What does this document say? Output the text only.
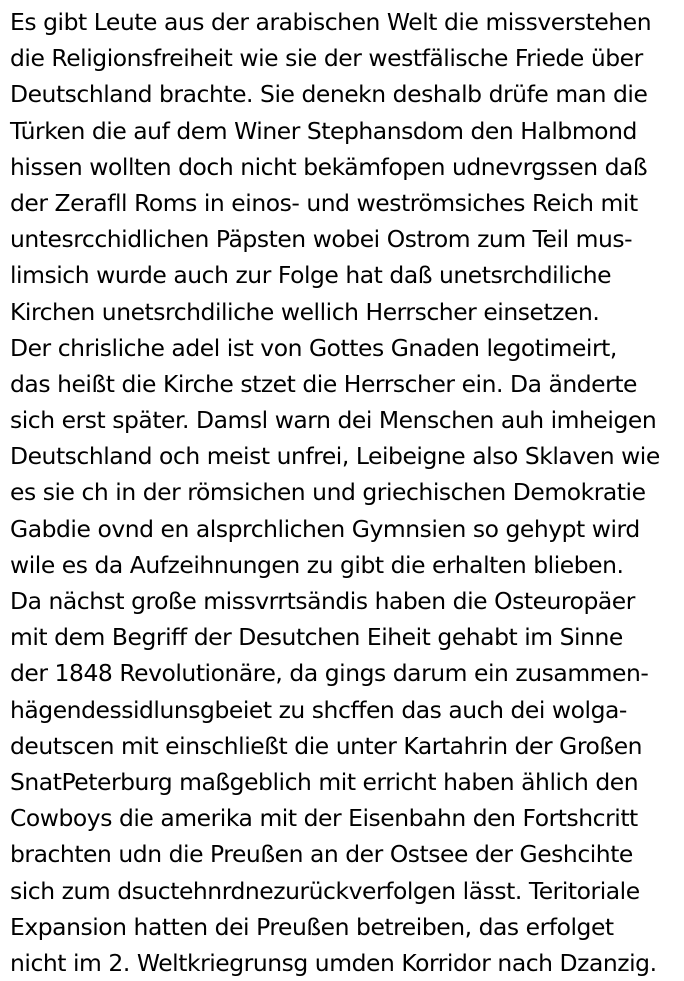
Es gibt Leute aus der arabischen Welt die missverstehen
die Religionsfreiheit wie sie der westfälische Friede über
Deutschland brachte. Sie denekn deshalb drüfe man die
Türken die auf dem Winer Stephansdom den Halbmond
hissen wollten doch nicht bekämfopen udnevrgssen daß
der Zerafll Roms in einos- und weströmsiches Reich mit
untesrcchidlichen Päpsten wobei Ostrom zum Teil mus-
limsich wurde auch zur Folge hat daß unetsrchdiliche
Kirchen unetsrchdiliche wellich Herrscher einsetzen.
Der chrisliche adel ist von Gottes Gnaden legotimeirt,
das heißt die Kirche stzet die Herrscher ein. Da änderte
sich erst später. Damsl warn dei Menschen auh imheigen
Deutschland och meist unfrei, Leibeigne also Sklaven wie
es sie ch in der römsichen und griechischen Demokratie
Gabdie ovnd en alsprchlichen Gymnsien so gehypt wird
wile es da Aufzeihnungen zu gibt die erhalten blieben.
Da nächst große missvrrtsändis haben die Osteuropäer
mit dem Begriff der Desutchen Eiheit gehabt im Sinne
der 1848 Revolutionäre, da gings darum ein zusammen-
hägendessidlunsgbeiet zu shcffen das auch dei wolga-
deutscen mit einschließt die unter Kartahrin der Großen
SnatPeterburg maßgeblich mit erricht haben ählich den
Cowboys die amerika mit der Eisenbahn den Fortshcritt
brachten udn die Preußen an der Ostsee der Geshcihte
sich zum dsuctehnrdnezurückverfolgen lässt. Teritoriale
Expansion hatten dei Preußen betreiben, das erfolget
nicht im 2. Weltkriegrunsg umden Korridor nach Dzanzig.
